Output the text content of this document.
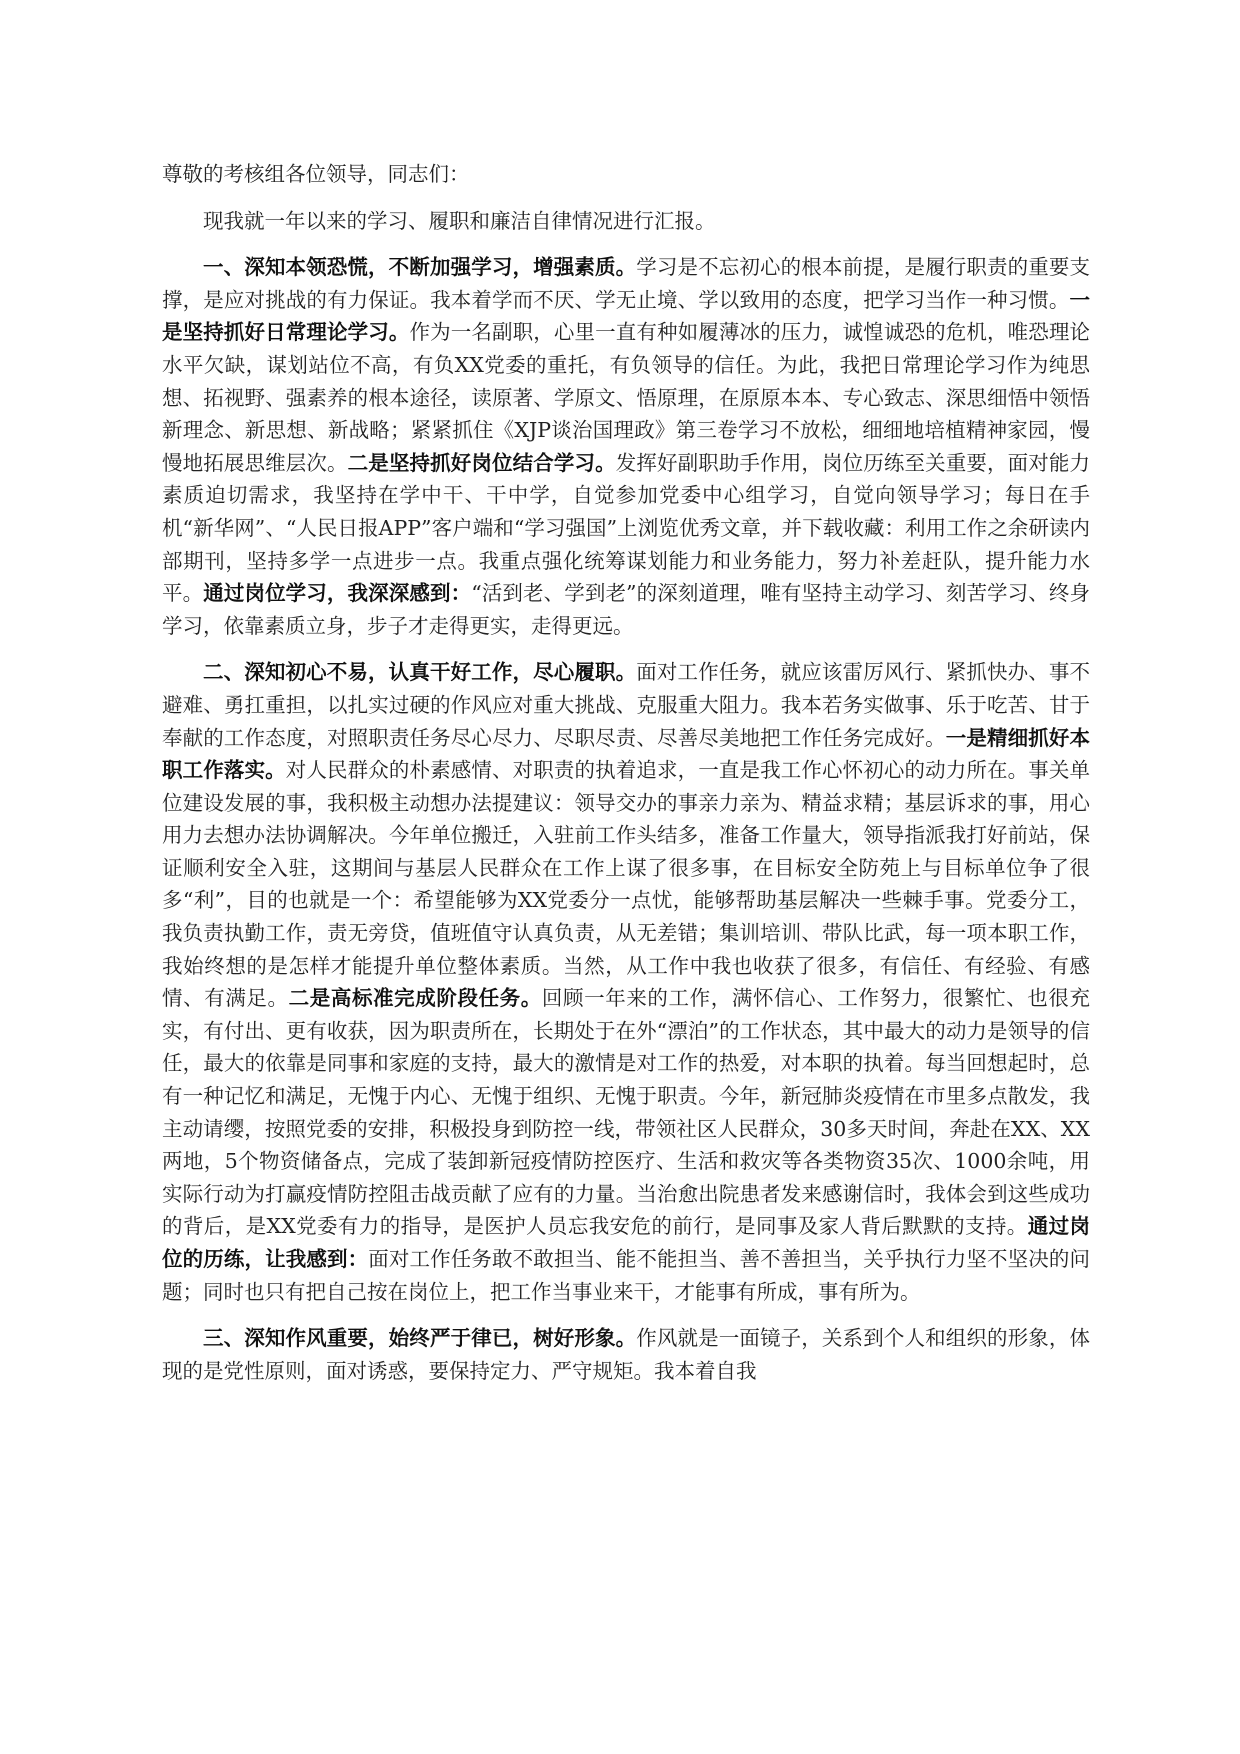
尊敬的考核组各位领导，同志们：

现我就一年以来的学习、履职和廉洁自律情况进行汇报。

一、深知本领恐慌，不断加强学习，增强素质。学习是不忘初心的根本前提，是履行职责的重要支撑，是应对挑战的有力保证。我本着学而不厌、学无止境、学以致用的态度，把学习当作一种习惯。一是坚持抓好日常理论学习。作为一名副职，心里一直有种如履薄冰的压力，诚惶诚恐的危机，唯恐理论水平欠缺，谋划站位不高，有负XX党委的重托，有负领导的信任。为此，我把日常理论学习作为纯思想、拓视野、强素养的根本途径，读原著、学原文、悟原理，在原原本本、专心致志、深思细悟中领悟新理念、新思想、新战略；紧紧抓住《XJP谈治国理政》第三卷学习不放松，细细地培植精神家园，慢慢地拓展思维层次。二是坚持抓好岗位结合学习。发挥好副职助手作用，岗位历练至关重要，面对能力素质迫切需求，我坚持在学中干、干中学，自觉参加党委中心组学习，自觉向领导学习；每日在手机“新华网”、“人民日报APP”客户端和“学习强国”上浏览优秀文章，并下载收藏：利用工作之余研读内部期刊，坚持多学一点进步一点。我重点强化统筹谋划能力和业务能力，努力补差赶队，提升能力水平。通过岗位学习，我深深感到：“活到老、学到老”的深刻道理，唯有坚持主动学习、刻苦学习、终身学习，依靠素质立身，步子才走得更实，走得更远。

二、深知初心不易，认真干好工作，尽心履职。面对工作任务，就应该雷厉风行、紧抓快办、事不避难、勇扛重担，以扎实过硬的作风应对重大挑战、克服重大阻力。我本若务实做事、乐于吃苦、甘于奉献的工作态度，对照职责任务尽心尽力、尽职尽责、尽善尽美地把工作任务完成好。一是精细抓好本职工作落实。对人民群众的朴素感情、对职责的执着追求，一直是我工作心怀初心的动力所在。事关单位建设发展的事，我积极主动想办法提建议：领导交办的事亲力亲为、精益求精；基层诉求的事，用心用力去想办法协调解决。今年单位搬迁，入驻前工作头结多，准备工作量大，领导指派我打好前站，保证顺利安全入驻，这期间与基层人民群众在工作上谋了很多事，在目标安全防苑上与目标单位争了很多“利”，目的也就是一个：希望能够为XX党委分一点忧，能够帮助基层解决一些棘手事。党委分工，我负责执勤工作，责无旁贷，值班值守认真负责，从无差错；集训培训、带队比武，每一项本职工作，我始终想的是怎样才能提升单位整体素质。当然，从工作中我也收获了很多，有信任、有经验、有感情、有满足。二是高标准完成阶段任务。回顾一年来的工作，满怀信心、工作努力，很繁忙、也很充实，有付出、更有收获，因为职责所在，长期处于在外“漂泊”的工作状态，其中最大的动力是领导的信任，最大的依靠是同事和家庭的支持，最大的激情是对工作的热爱，对本职的执着。每当回想起时，总有一种记忆和满足，无愧于内心、无愧于组织、无愧于职责。今年，新冠肺炎疫情在市里多点散发，我主动请缨，按照党委的安排，积极投身到防控一线，带领社区人民群众，30多天时间，奔赴在XX、XX两地，5个物资储备点，完成了装卸新冠疫情防控医疗、生活和救灾等各类物资35次、1000余吨，用实际行动为打赢疫情防控阻击战贡献了应有的力量。当治愈出院患者发来感谢信时，我体会到这些成功的背后，是XX党委有力的指导，是医护人员忘我安危的前行，是同事及家人背后默默的支持。通过岗位的历练，让我感到：面对工作任务敢不敢担当、能不能担当、善不善担当，关乎执行力坚不坚决的问题；同时也只有把自己按在岗位上，把工作当事业来干，才能事有所成，事有所为。

三、深知作风重要，始终严于律已，树好形象。作风就是一面镜子，关系到个人和组织的形象，体现的是党性原则，面对诱惑，要保持定力、严守规矩。我本着自我
